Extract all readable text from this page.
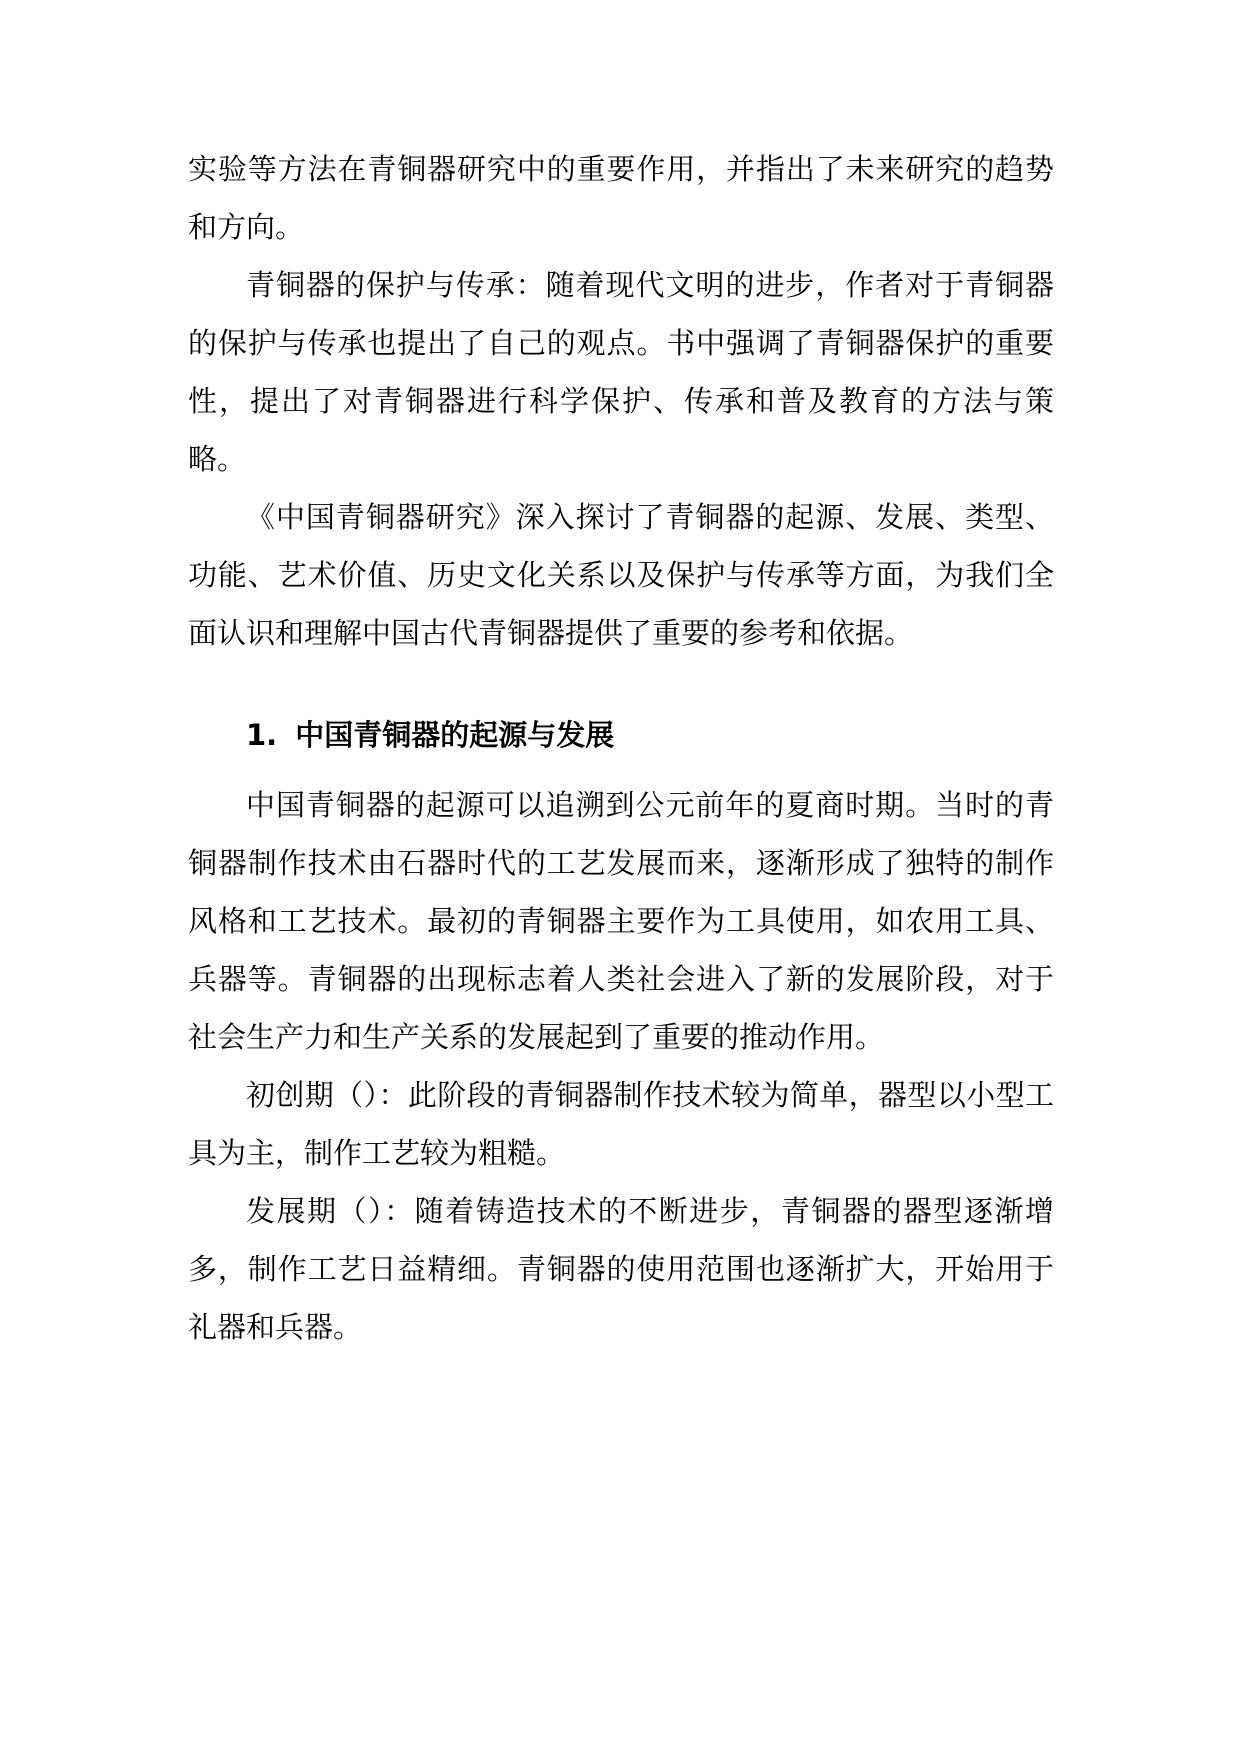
实验等方法在青铜器研究中的重要作用，并指出了未来研究的趋势和方向。

青铜器的保护与传承：随着现代文明的进步，作者对于青铜器的保护与传承也提出了自己的观点。书中强调了青铜器保护的重要性，提出了对青铜器进行科学保护、传承和普及教育的方法与策略。

《中国青铜器研究》深入探讨了青铜器的起源、发展、类型、功能、艺术价值、历史文化关系以及保护与传承等方面，为我们全面认识和理解中国古代青铜器提供了重要的参考和依据。

1. 中国青铜器的起源与发展

中国青铜器的起源可以追溯到公元前年的夏商时期。当时的青铜器制作技术由石器时代的工艺发展而来，逐渐形成了独特的制作风格和工艺技术。最初的青铜器主要作为工具使用，如农用工具、兵器等。青铜器的出现标志着人类社会进入了新的发展阶段，对于社会生产力和生产关系的发展起到了重要的推动作用。

初创期（）：此阶段的青铜器制作技术较为简单，器型以小型工具为主，制作工艺较为粗糙。

发展期（）：随着铸造技术的不断进步，青铜器的器型逐渐增多，制作工艺日益精细。青铜器的使用范围也逐渐扩大，开始用于礼器和兵器。
